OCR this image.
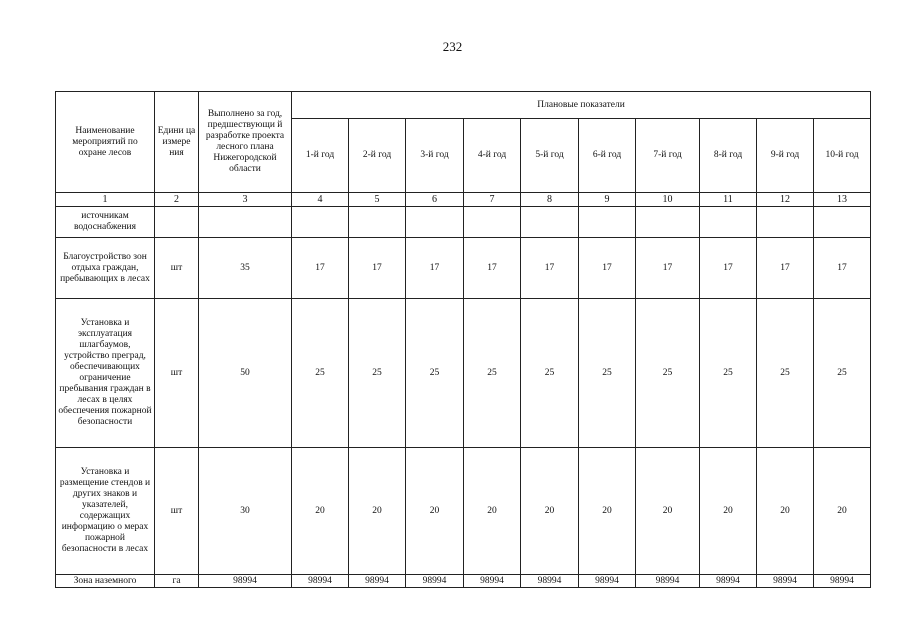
232
Наименование мероприятий по охране лесов	Едини ца измере ния	Выполнено за год, предшествующи й разработке проекта лесного плана Нижегородской области	Плановые показатели									
			1-й год	2-й год	3-й год	4-й год	5-й год	6-й год	7-й год	8-й год	9-й год	10-й год
1	2	3	4	5	6	7	8	9	10	11	12	13
источникам водоснабжения												
Благоустройство зон отдыха граждан, пребывающих в лесах	шт	35	17	17	17	17	17	17	17	17	17	17
Установка и эксплуатация шлагбаумов, устройство преград, обеспечивающих ограничение пребывания граждан в лесах в целях обеспечения пожарной безопасности	шт	50	25	25	25	25	25	25	25	25	25	25
Установка и размещение стендов и других знаков и указателей, содержащих информацию о мерах пожарной безопасности в лесах	шт	30	20	20	20	20	20	20	20	20	20	20
Зона наземного	га	98994	98994	98994	98994	98994	98994	98994	98994	98994	98994	98994
